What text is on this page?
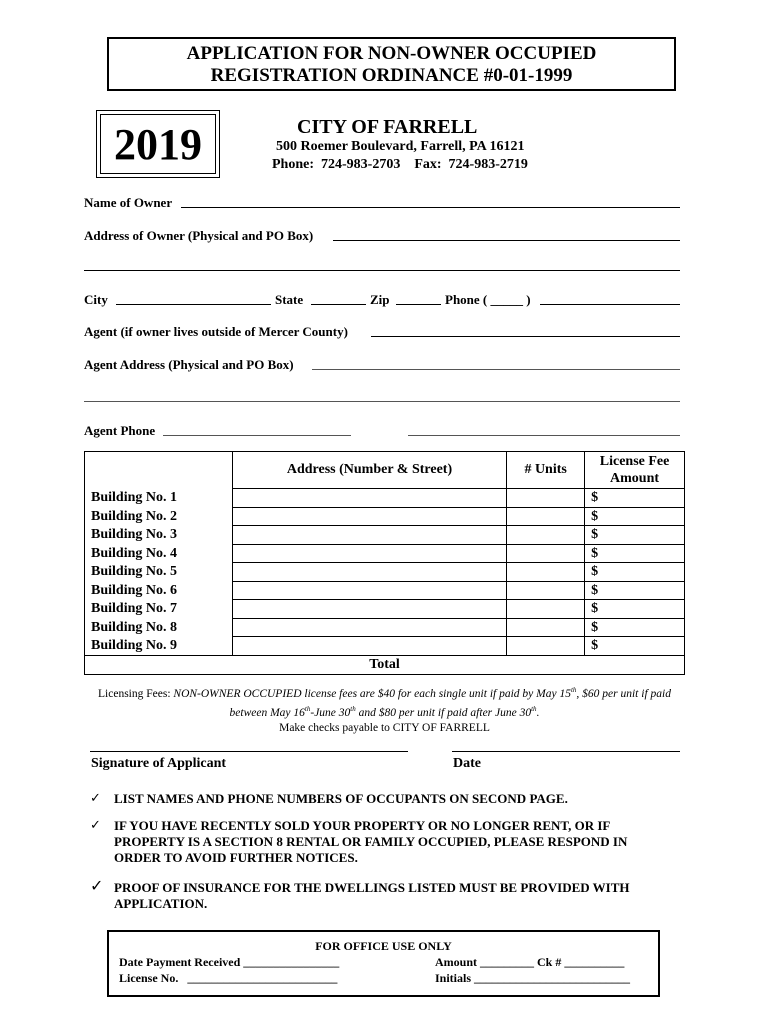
APPLICATION FOR NON-OWNER OCCUPIED
REGISTRATION ORDINANCE #0-01-1999
2019	CITY OF FARRELL
500 Roemer Boulevard, Farrell, PA 16121
Phone:  724-983-2703    Fax:  724-983-2719
Name of Owner
Address of Owner (Physical and PO Box)
City	State	Zip	Phone ( _____ )
Agent (if owner lives outside of Mercer County)
Agent Address (Physical and PO Box)
Agent Phone
	Address (Number & Street)	# Units	License Fee
Amount

Building No. 1			$
Building No. 2			$
Building No. 3			$
Building No. 4			$
Building No. 5			$
Building No. 6			$
Building No. 7			$
Building No. 8			$
Building No. 9			$
Total			
Licensing Fees: NON-OWNER OCCUPIED license fees are $40 for each single unit if paid by May 15th, $60 per unit if paid between May 16th-June 30th and $80 per unit if paid after June 30th.
Make checks payable to CITY OF FARRELL
Signature of Applicant	Date
✓ LIST NAMES AND PHONE NUMBERS OF OCCUPANTS ON SECOND PAGE.
✓ IF YOU HAVE RECENTLY SOLD YOUR PROPERTY OR NO LONGER RENT, OR IF PROPERTY IS A SECTION 8 RENTAL OR FAMILY OCCUPIED, PLEASE RESPOND IN ORDER TO AVOID FURTHER NOTICES.
✓ PROOF OF INSURANCE FOR THE DWELLINGS LISTED MUST BE PROVIDED WITH APPLICATION.
FOR OFFICE USE ONLY
Date Payment Received ________________
License No.   _________________________
Amount _________ Ck # __________
Initials __________________________
